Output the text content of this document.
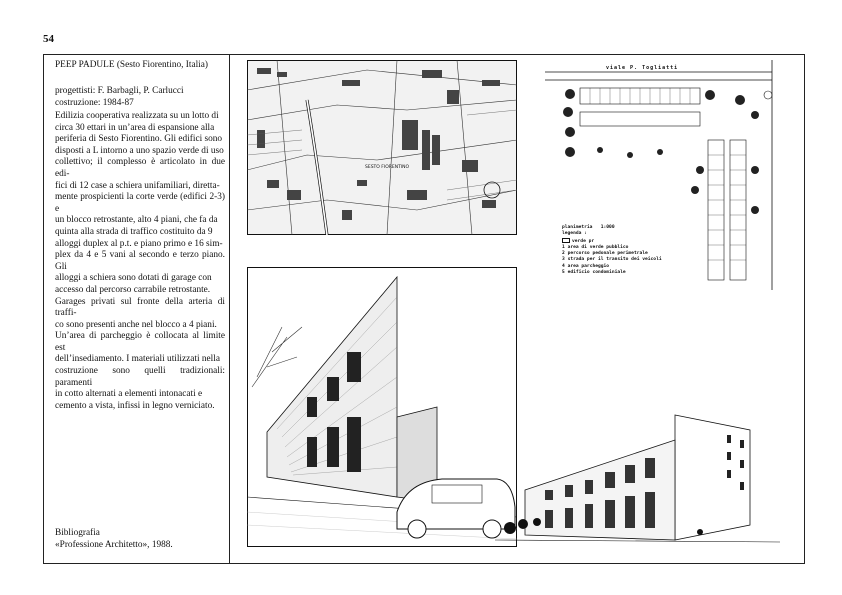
54
PEEP PADULE (Sesto Fiorentino, Italia)
progettisti: F. Barbagli, P. Carlucci
costruzione: 1984-87
Edilizia cooperativa realizzata su un lotto di
circa 30 ettari in un’area di espansione alla
periferia di Sesto Fiorentino. Gli edifici sono
disposti a L intorno a uno spazio verde di uso
collettivo; il complesso è articolato in due edi-
fici di 12 case a schiera unifamiliari, diretta-
mente prospicienti la corte verde (edifici 2-3) e
un blocco retrostante, alto 4 piani, che fa da
quinta alla strada di traffico costituito da 9
alloggi duplex al p.t. e piano primo e 16 sim-
plex da 4 e 5 vani al secondo e terzo piano. Gli
alloggi a schiera sono dotati di garage con
accesso dal percorso carrabile retrostante.
Garages privati sul fronte della arteria di traffi-
co sono presenti anche nel blocco a 4 piani.
Un’area di parcheggio è collocata al limite est
dell’insediamento. I materiali utilizzati nella
costruzione sono quelli tradizionali: paramenti
in cotto alternati a elementi intonacati e
cemento a vista, infissi in legno verniciato.
Bibliografia
«Professione Architetto», 1988.
SESTO FIORENTINO
viale P. Togliatti
planimetria 1:000
legenda :
verde pr
1 area di verde pubblico
2 percorso pedonale perimetrale
3 strada per il transito dei veicoli
4 area parcheggio
5 edificio condominiale
